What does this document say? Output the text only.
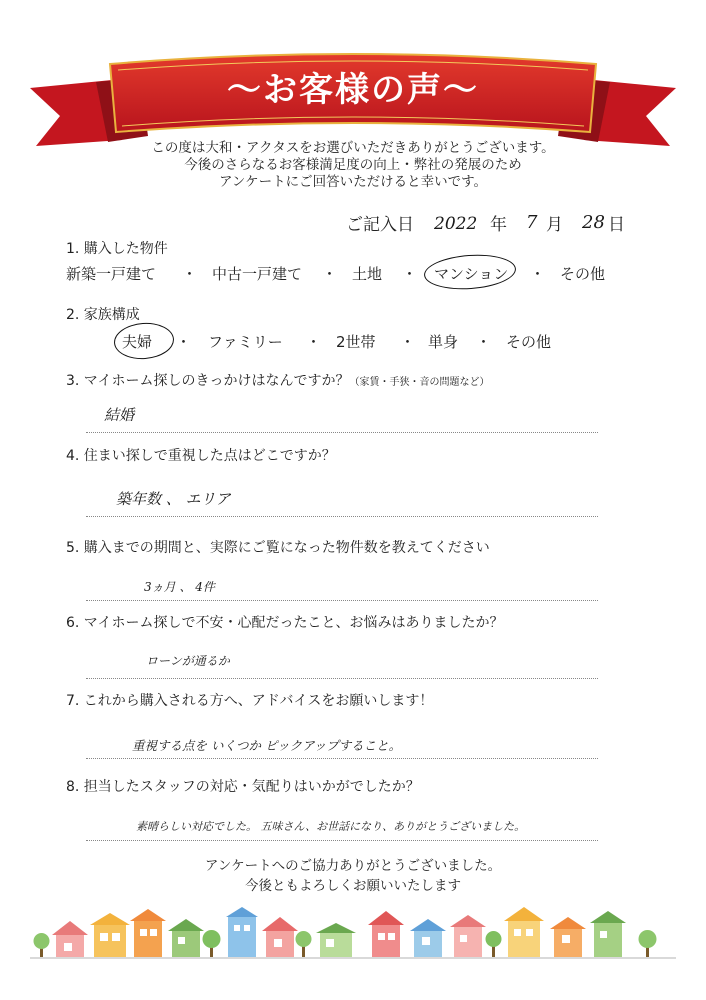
〜お客様の声〜
この度は大和・アクタスをお選びいただきありがとうございます。
今後のさらなるお客様満足度の向上・弊社の発展のため
アンケートにご回答いただけると幸いです。
ご記入日 2022 年 7 月 28 日
1. 購入した物件
新築一戸建て ・ 中古一戸建て ・ 土地 ・ マンション ・ その他
2. 家族構成
夫婦 ・ ファミリー ・ 2世帯 ・ 単身 ・ その他
3. マイホーム探しのきっかけはなんですか？（家賃・手狭・音の問題など）
結婚
4. 住まい探しで重視した点はどこですか？
築年数 、 エリア
5. 購入までの期間と、実際にご覧になった物件数を教えてください
3ヵ月 、 4件
6. マイホーム探しで不安・心配だったこと、お悩みはありましたか？
ローンが通るか
7. これから購入される方へ、アドバイスをお願いします！
重視する点を いくつか ピックアップすること。
8. 担当したスタッフの対応・気配りはいかがでしたか？
素晴らしい対応でした。 五味さん、お世話になり、ありがとうございました。
アンケートへのご協力ありがとうございました。
今後ともよろしくお願いいたします
